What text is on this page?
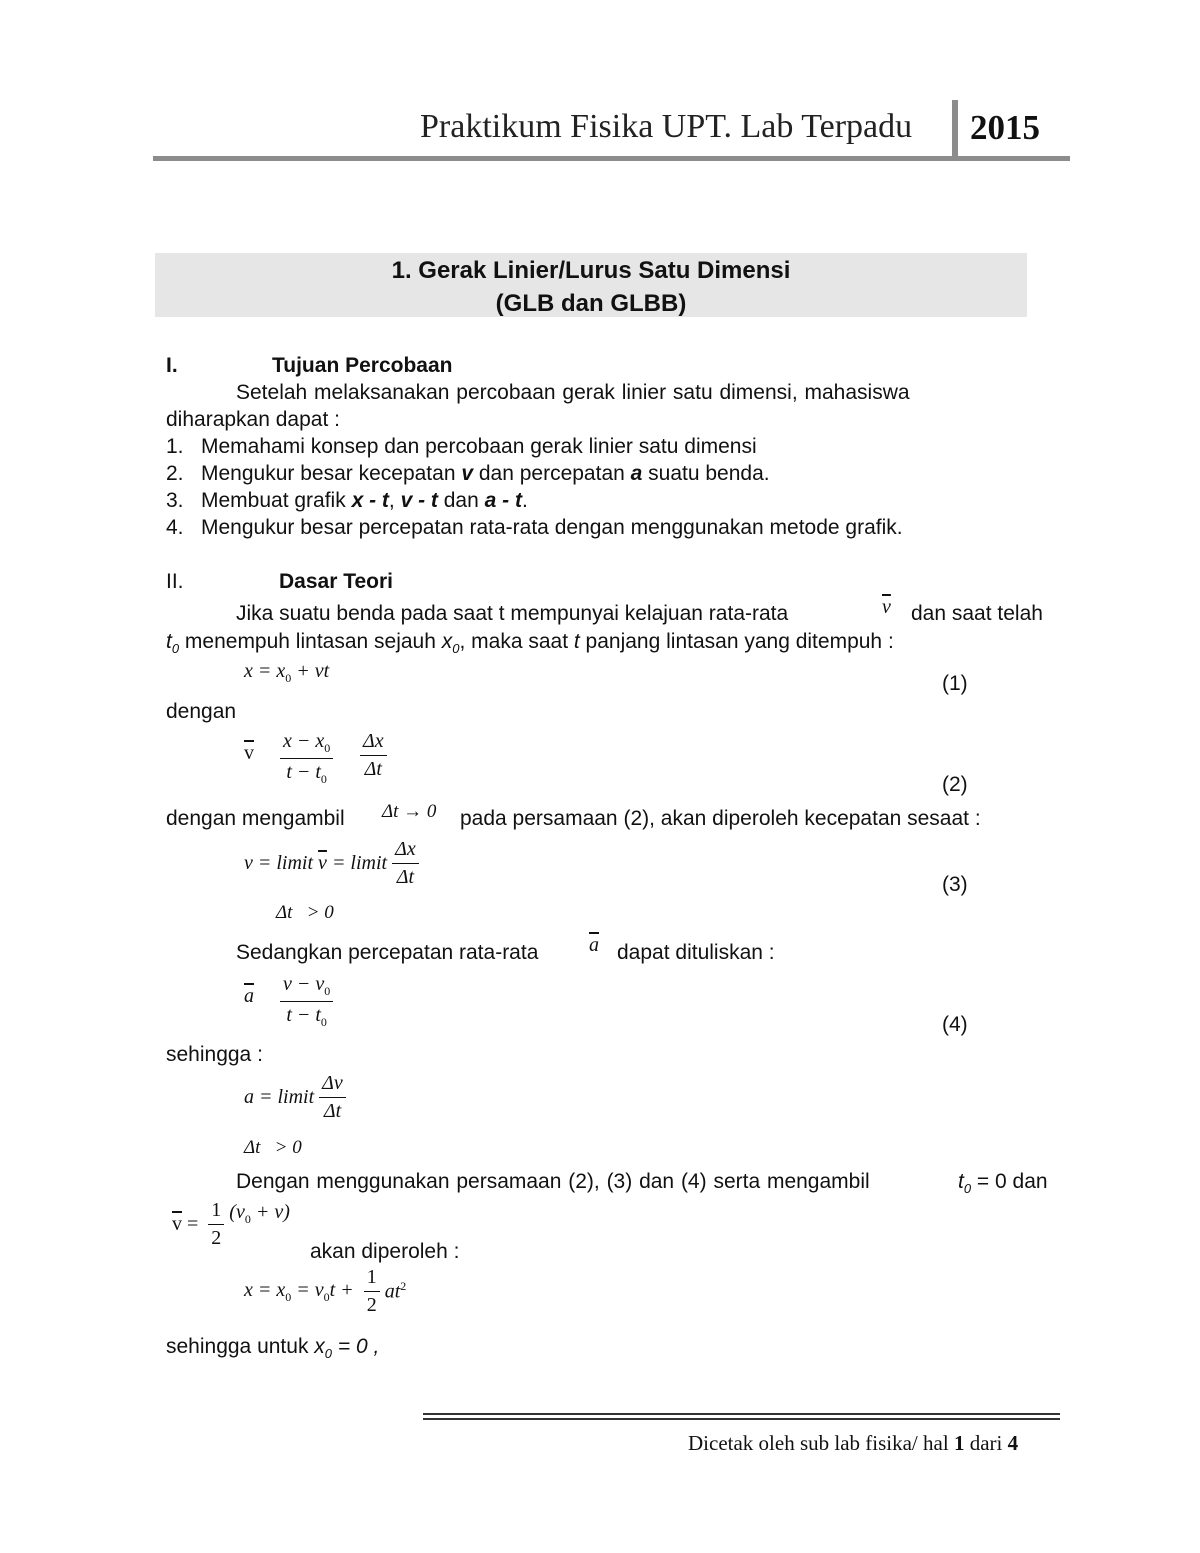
Praktikum Fisika UPT. Lab Terpadu 2015
1. Gerak Linier/Lurus Satu Dimensi
(GLB dan GLBB)
I.	Tujuan Percobaan
Setelah melaksanakan percobaan gerak linier satu dimensi, mahasiswa
diharapkan dapat :
1. Memahami konsep dan percobaan gerak linier satu dimensi
2. Mengukur besar kecepatan v dan percepatan a suatu benda.
3. Membuat grafik x - t, v - t dan a - t.
4. Mengukur besar percepatan rata-rata dengan menggunakan metode grafik.
II.	Dasar Teori
Jika suatu benda pada saat t mempunyai kelajuan rata-rata	$\overline{v}$ dan saat telah
$t_0$ menempuh lintasan sejauh $x_0$, maka saat t panjang lintasan yang ditempuh :
$x = x_0$ + vt
(1)
dengan
$\overline{v} \frac{x - x_0}{t - t_0} \frac{\Delta x}{\Delta t}$
(2)
dengan mengambil Δt → 0 pada persamaan (2), akan diperoleh kecepatan sesaat :
v = limit $\overline{v}$ = limit $\frac{\Delta x}{\Delta t}$
Δt   > 0
(3)
Sedangkan percepatan rata-rata	$\overline{a}$ dapat dituliskan :
$\overline{a} \frac{v - v_0}{t - t_0}$	(4)
sehingga :
a = limit $\frac{\Delta v}{\Delta t}$
Δt   > 0
Dengan menggunakan persamaan (2), (3) dan (4) serta mengambil	$t_0 = 0$ dan
$\overline{v} = \frac{1}{2} (v_0 + v)$
akan diperoleh :
$x = x_0 = v_0t + \frac{1}{2} at^2$
sehingga untuk $x_0 = 0$ ,
Dicetak oleh sub lab fisika/ hal 1 dari 4
